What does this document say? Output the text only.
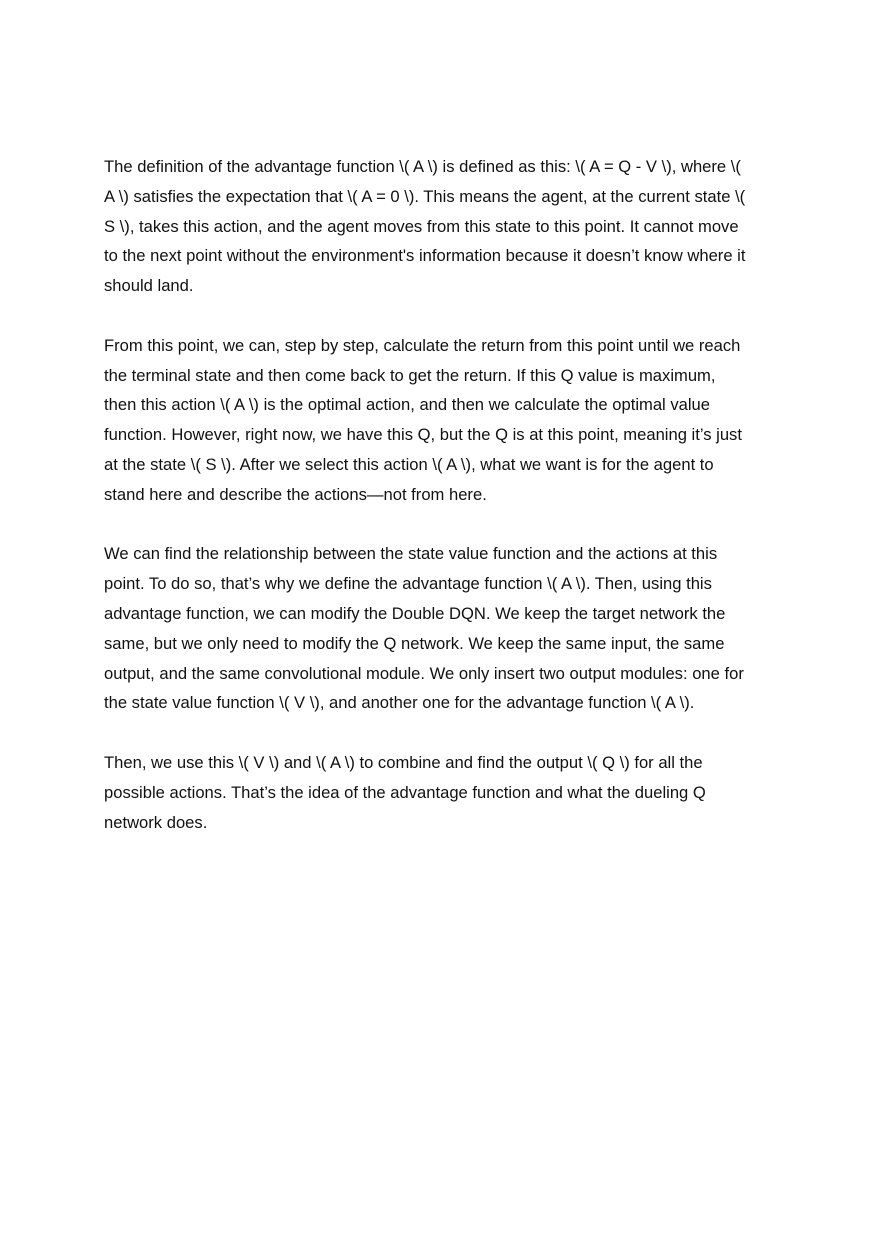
The definition of the advantage function \( A \) is defined as this: \( A = Q - V \), where \(
A \) satisfies the expectation that \( A = 0 \). This means the agent, at the current state \(
S \), takes this action, and the agent moves from this state to this point. It cannot move
to the next point without the environment's information because it doesn’t know where it
should land.

From this point, we can, step by step, calculate the return from this point until we reach
the terminal state and then come back to get the return. If this Q value is maximum,
then this action \( A \) is the optimal action, and then we calculate the optimal value
function. However, right now, we have this Q, but the Q is at this point, meaning it’s just
at the state \( S \). After we select this action \( A \), what we want is for the agent to
stand here and describe the actions—not from here.

We can find the relationship between the state value function and the actions at this
point. To do so, that’s why we define the advantage function \( A \). Then, using this
advantage function, we can modify the Double DQN. We keep the target network the
same, but we only need to modify the Q network. We keep the same input, the same
output, and the same convolutional module. We only insert two output modules: one for
the state value function \( V \), and another one for the advantage function \( A \).

Then, we use this \( V \) and \( A \) to combine and find the output \( Q \) for all the
possible actions. That’s the idea of the advantage function and what the dueling Q
network does.
